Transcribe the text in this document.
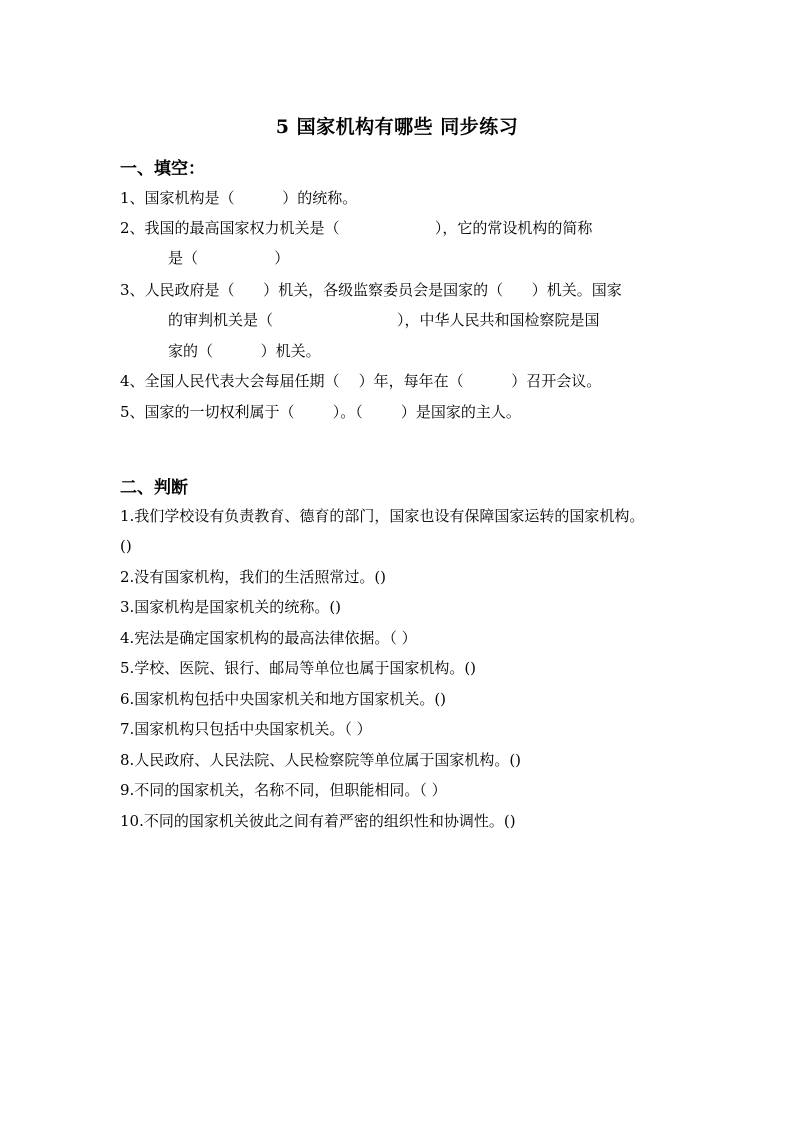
5 国家机构有哪些 同步练习
一、填空：
1、国家机构是（          ）的统称。
2、我国的最高国家权力机关是（                    ），它的常设机构的简称
是（                ）
3、人民政府是（      ）机关，各级监察委员会是国家的（      ）机关。国家
的审判机关是（                          ），中华人民共和国检察院是国
家的（          ）机关。
4、全国人民代表大会每届任期（    ）年，每年在（          ）召开会议。
5、国家的一切权利属于（        ）。（        ）是国家的主人。
二、判断
1.我们学校设有负责教育、德育的部门，国家也设有保障国家运转的国家机构。
()
2.没有国家机构，我们的生活照常过。()
3.国家机构是国家机关的统称。()
4.宪法是确定国家机构的最高法律依据。（ ）
5.学校、医院、银行、邮局等单位也属于国家机构。()
6.国家机构包括中央国家机关和地方国家机关。()
7.国家机构只包括中央国家机关。（ ）
8.人民政府、人民法院、人民检察院等单位属于国家机构。()
9.不同的国家机关，名称不同，但职能相同。（ ）
10.不同的国家机关彼此之间有着严密的组织性和协调性。()
